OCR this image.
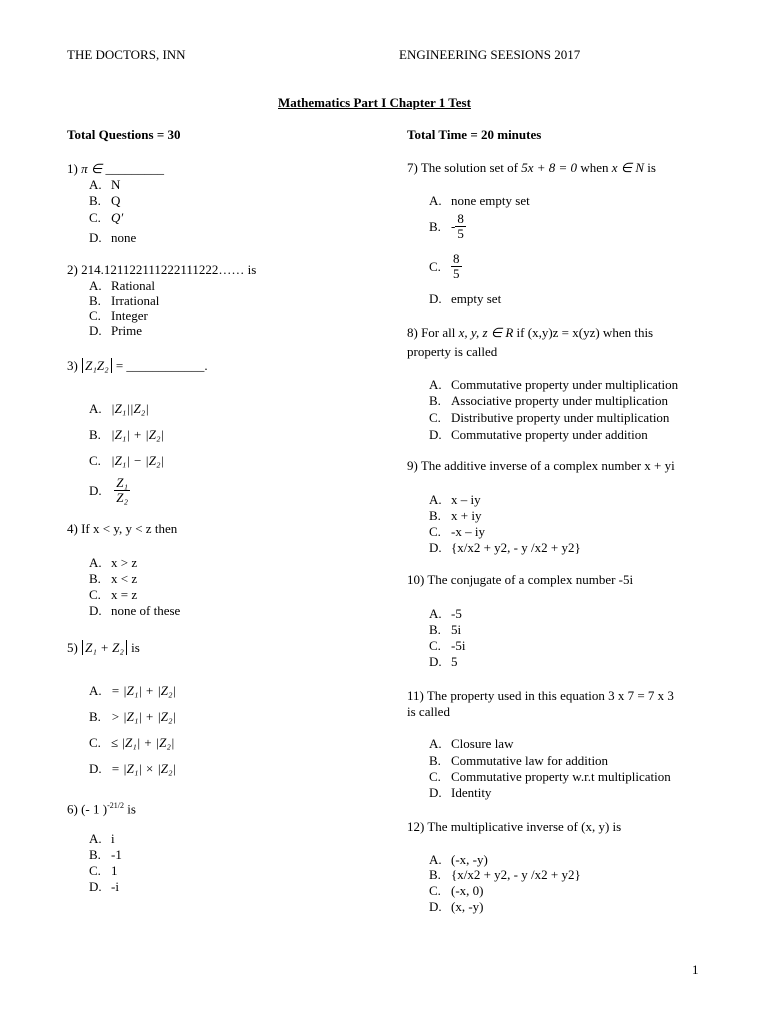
THE DOCTORS, INN	ENGINEERING SEESIONS 2017
Mathematics Part I Chapter 1 Test
Total Questions = 30	Total Time = 20 minutes
1) π ∈ _________
A. N
B. Q
C. Q′
D. none
2) 214.121122111222111222…… is
A. Rational
B. Irrational
C. Integer
D. Prime
3) Z₁Z₂ = ____________.
A. |Z₁||Z₂|
B. |Z₁| + |Z₂|
C. |Z₁| − |Z₂|
D. $\frac{\text{Z₁}}{\text{Z₂}}$
4) If x < y, y < z then
A. x > z
B. x < z
C. x = z
D. none of these
5) Z₁ + Z₂ is
A. = |Z₁| + |Z₂|
B. > |Z₁| + |Z₂|
C. ≤ |Z₁| + |Z₂|
D. = |Z₁| × |Z₂|
6) (- 1 )$^{-21/2}$ is
A. i
B. -1
C. 1
D. -i
7) The solution set of 5x + 8 = 0 when x ∈ N is
A. none empty set
B. - $\frac{8}{5}$
C. $\frac{8}{5}$
D. empty set
8) For all x, y, z ∈ R if (x,y)z = x(yz) when this
property is called
A. Commutative property under multiplication
B. Associative property under multiplication
C. Distributive property under multiplication
D. Commutative property under addition
9) The additive inverse of a complex number x + yi
A. x – iy
B. x + iy
C. -x – iy
D. {x/x2 + y2, - y /x2 + y2}
10) The conjugate of a complex number -5i
A. -5
B. 5i
C. -5i
D. 5
11) The property used in this equation 3 x 7 = 7 x 3
is called
A. Closure law
B. Commutative law for addition
C. Commutative property w.r.t multiplication
D. Identity
12) The multiplicative inverse of (x, y) is
A. (-x, -y)
B. {x/x2 + y2, - y /x2 + y2}
C. (-x, 0)
D. (x, -y)
1
